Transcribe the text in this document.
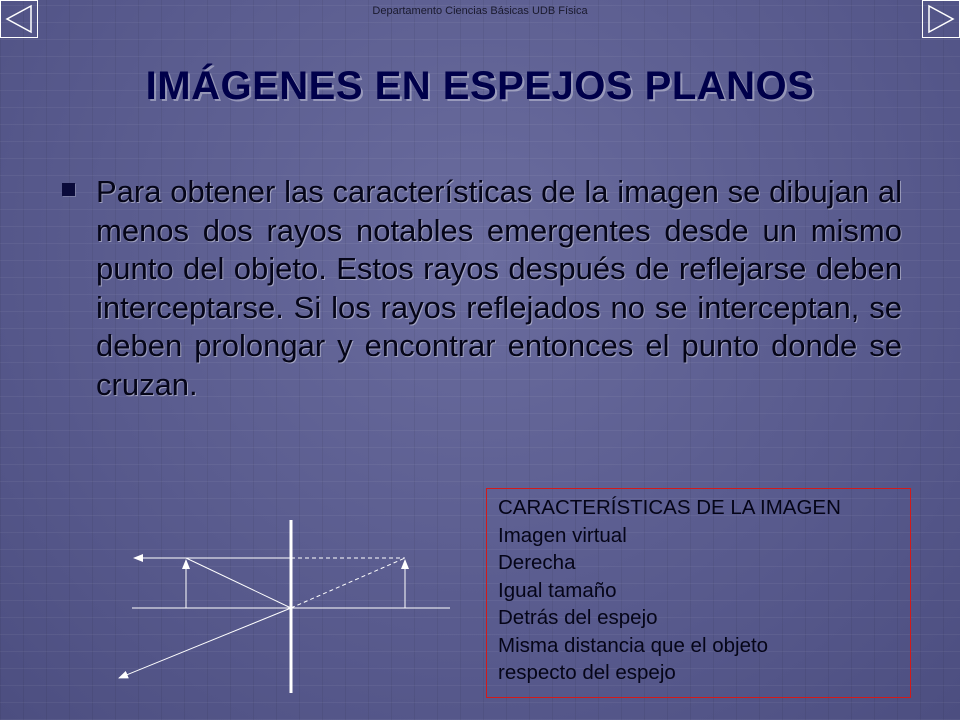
Departamento Ciencias Básicas UDB Física
IMÁGENES EN ESPEJOS PLANOS

Para obtener las características de la imagen se dibujan al menos dos rayos notables emergentes desde un mismo punto del objeto. Estos rayos después de reflejarse deben interceptarse. Si los rayos reflejados no se interceptan, se deben prolongar y encontrar entonces el punto donde se cruzan.

CARACTERÍSTICAS DE LA IMAGEN
Imagen virtual
Derecha
Igual tamaño
Detrás del espejo
Misma distancia que el objeto
respecto del espejo
